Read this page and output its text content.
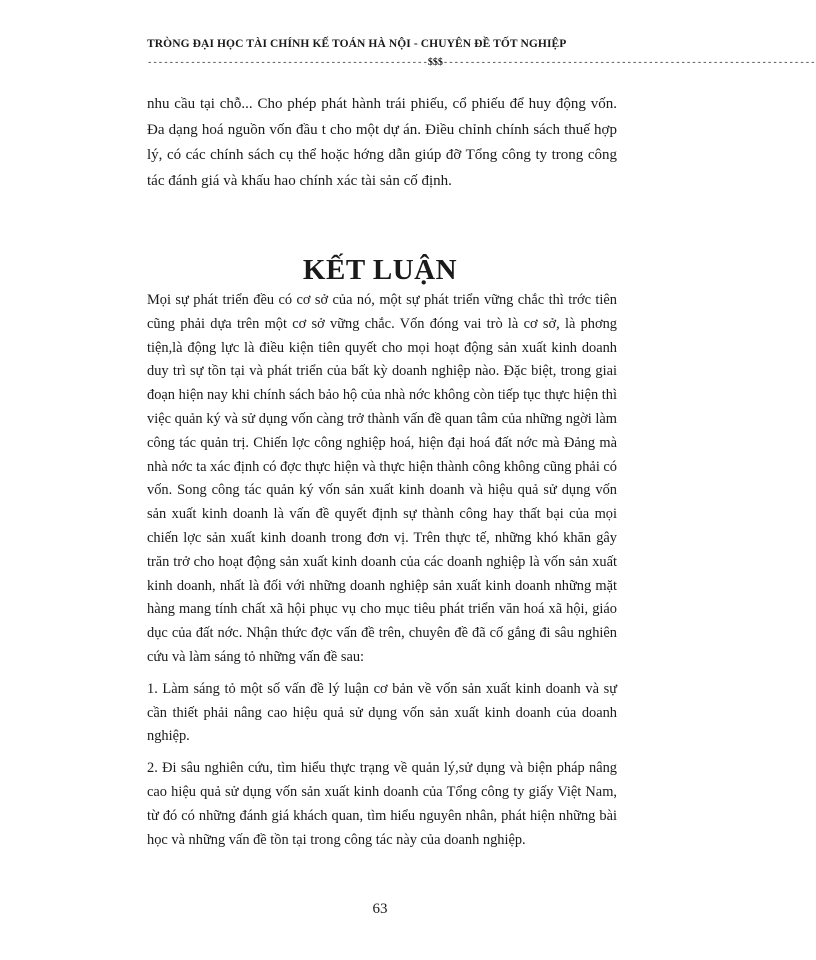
TRÒNG ĐẠI HỌC TÀI CHÍNH KẾ TOÁN HÀ NỘI - CHUYÊN ĐỀ TỐT NGHIỆP
----------------------------------------------------$$$---------------------------------------------------------------------

nhu cầu tại chỗ... Cho phép phát hành trái phiếu, cổ phiếu để huy động vốn. Đa dạng hoá nguồn vốn đầu t cho một dự án. Điều chỉnh chính sách thuế hợp lý, có các chính sách cụ thể hoặc hớng dẫn giúp đỡ Tổng công ty trong công tác đánh giá và khấu hao chính xác tài sản cố định.

KẾT LUẬN

Mọi sự phát triển đều có cơ sở của nó, một sự phát triển vững chắc thì trớc tiên cũng phải dựa trên một cơ sở vững chắc. Vốn đóng vai trò là cơ sở, là phơng tiện,là động lực là điều kiện tiên quyết cho mọi hoạt động sản xuất kinh doanh duy trì sự tồn tại và phát triển của bất kỳ doanh nghiệp nào. Đặc biệt, trong giai đoạn hiện nay khi chính sách bảo hộ của nhà nớc không còn tiếp tục thực hiện thì việc quản ký và sử dụng vốn càng trở thành vấn đề quan tâm của những ngời làm công tác quản trị. Chiến lợc công nghiệp hoá, hiện đại hoá đất nớc mà Đảng mà nhà nớc ta xác định có đợc thực hiện và thực hiện thành công không cũng phải có vốn. Song công tác quản ký vốn sản xuất kinh doanh và hiệu quả sử dụng vốn sản xuất kinh doanh là vấn đề quyết định sự thành công hay thất bại của mọi chiến lợc sản xuất kinh doanh trong đơn vị. Trên thực tế, những khó khăn gây trăn trở cho hoạt động sản xuất kinh doanh của các doanh nghiệp là vốn sản xuất kinh doanh, nhất là đối với những doanh nghiệp sản xuất kinh doanh những mặt hàng mang tính chất xã hội phục vụ cho mục tiêu phát triển văn hoá xã hội, giáo dục của đất nớc. Nhận thức đợc vấn đề trên, chuyên đề đã cố gắng đi sâu nghiên cứu và làm sáng tỏ những vấn đề sau:

1. Làm sáng tỏ một số vấn đề lý luận cơ bản về vốn sản xuất kinh doanh và sự cần thiết phải nâng cao hiệu quả sử dụng vốn sản xuất kinh doanh của doanh nghiệp.

2. Đi sâu nghiên cứu, tìm hiểu thực trạng về quản lý,sử dụng và biện pháp nâng cao hiệu quả sử dụng vốn sản xuất kinh doanh của Tổng công ty giấy Việt Nam, từ đó có những đánh giá khách quan, tìm hiểu nguyên nhân, phát hiện những bài học và những vấn đề tồn tại trong công tác này của doanh nghiệp.

63
